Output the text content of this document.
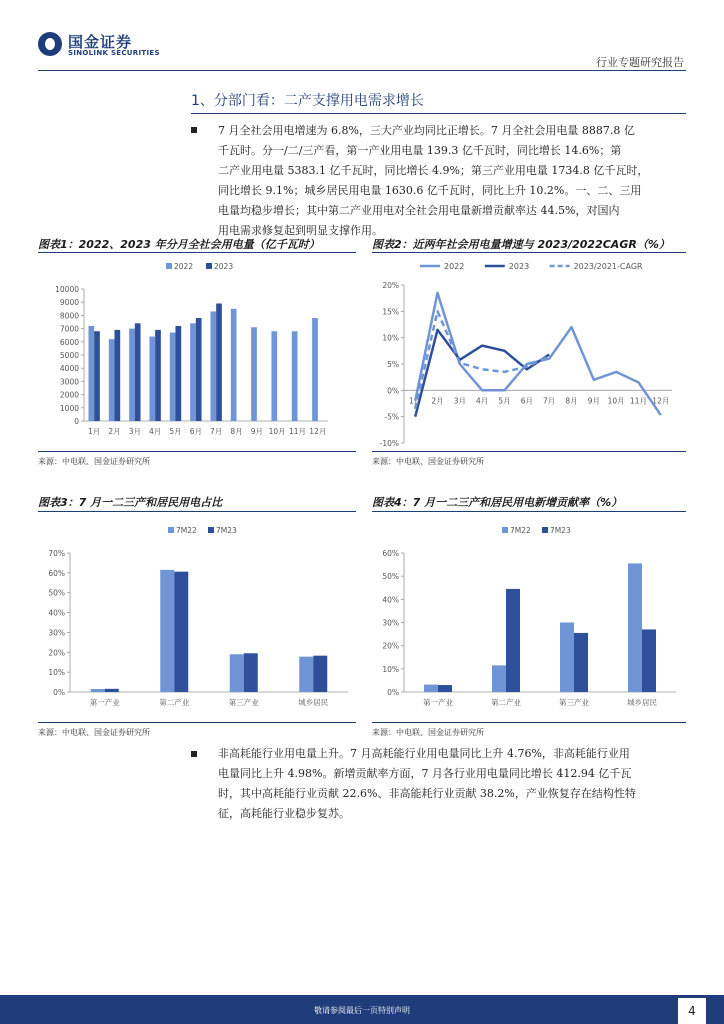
国金证券
SINOLINK SECURITIES
行业专题研究报告
1、分部门看：二产支撑用电需求增长
7 月全社会用电增速为 6.8%，三大产业均同比正增长。7 月全社会用电量 8887.8 亿
千瓦时。分一/二/三产看，第一产业用电量 139.3 亿千瓦时，同比增长 14.6%；第
二产业用电量 5383.1 亿千瓦时，同比增长 4.9%；第三产业用电量 1734.8 亿千瓦时，
同比增长 9.1%；城乡居民用电量 1630.6 亿千瓦时，同比上升 10.2%。一、二、三用
电量均稳步增长；其中第二产业用电对全社会用电量新增贡献率达 44.5%，对国内
用电需求修复起到明显支撑作用。
图表1：2022、2023 年分月全社会用电量（亿千瓦时）	图表2：近两年社会用电量增速与 2023/2022CAGR（%）
0
1000
2000
3000
4000
5000
6000
7000
8000
9000
10000
1月 2月 3月 4月 5月 6月 7月 8月 9月 10月 11月 12月
2022	2023
-10%
-5%
0%
5%
10%
15%
20%
1月 2月 3月 4月 5月 6月 7月 8月 9月 10月 11月 12月
2022	2023	2023/2021-CAGR
来源：中电联、国金证券研究所	来源：中电联、国金证券研究所
图表3：7 月一二三产和居民用电占比	图表4：7 月一二三产和居民用电新增贡献率（%）
0%
10%
20%
30%
40%
50%
60%
70%
第一产业	第二产业	第三产业	城乡居民
7M22	7M23
0%
10%
20%
30%
40%
50%
60%
第一产业	第二产业	第三产业	城乡居民
7M22	7M23
来源：中电联、国金证券研究所	来源：中电联、国金证券研究所
非高耗能行业用电量上升。7 月高耗能行业用电量同比上升 4.76%，非高耗能行业用
电量同比上升 4.98%。新增贡献率方面，7 月各行业用电量同比增长 412.94 亿千瓦
时，其中高耗能行业贡献 22.6%、非高能耗行业贡献 38.2%，产业恢复存在结构性特
征，高耗能行业稳步复苏。
敬请参阅最后一页特别声明	4
